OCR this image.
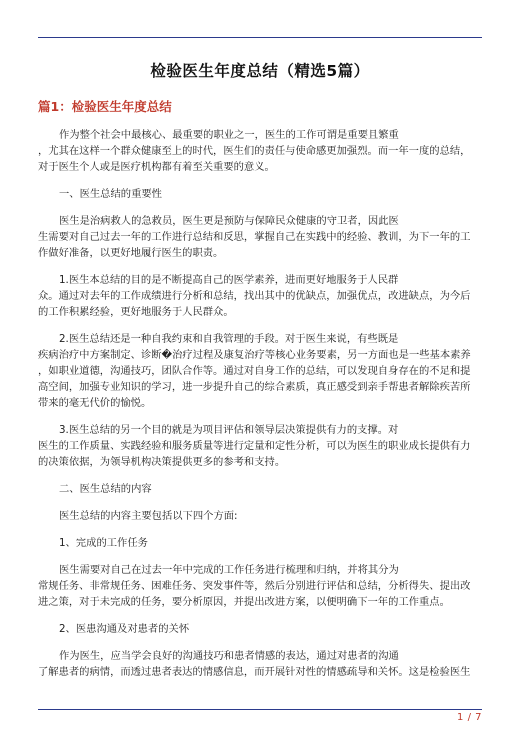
检验医生年度总结（精选5篇）
篇1：检验医生年度总结
作为整个社会中最核心、最重要的职业之一，医生的工作可谓是重要且繁重
，尤其在这样一个群众健康至上的时代，医生们的责任与使命感更加强烈。而一年一度的总结，
对于医生个人或是医疗机构都有着至关重要的意义。
一、医生总结的重要性
医生是治病救人的急救员，医生更是预防与保障民众健康的守卫者，因此医
生需要对自己过去一年的工作进行总结和反思，掌握自己在实践中的经验、教训，为下一年的工
作做好准备，以更好地履行医生的职责。
1.医生本总结的目的是不断提高自己的医学素养，进而更好地服务于人民群
众。通过对去年的工作成绩进行分析和总结，找出其中的优缺点，加强优点，改进缺点，为今后
的工作积累经验，更好地服务于人民群众。
2.医生总结还是一种自我约束和自我管理的手段。对于医生来说，有些既是
疾病治疗中方案制定、诊断�治疗过程及康复治疗等核心业务要素，另一方面也是一些基本素养
，如职业道德，沟通技巧，团队合作等。通过对自身工作的总结，可以发现自身存在的不足和提
高空间，加强专业知识的学习，进一步提升自己的综合素质，真正感受到亲手帮患者解除疾苦所
带来的毫无代价的愉悦。
3.医生总结的另一个目的就是为项目评估和领导层决策提供有力的支撑。对
医生的工作质量、实践经验和服务质量等进行定量和定性分析，可以为医生的职业成长提供有力
的决策依据，为领导机构决策提供更多的参考和支持。
二、医生总结的内容
医生总结的内容主要包括以下四个方面:
1、完成的工作任务
医生需要对自己在过去一年中完成的工作任务进行梳理和归纳，并将其分为
常规任务、非常规任务、困难任务、突发事件等，然后分别进行评估和总结，分析得失、提出改
进之策，对于未完成的任务，要分析原因，并提出改进方案，以便明确下一年的工作重点。
2、医患沟通及对患者的关怀
作为医生，应当学会良好的沟通技巧和患者情感的表达，通过对患者的沟通
了解患者的病情，而透过患者表达的情感信息，而开展针对性的情感疏导和关怀。这是检验医生
1 / 7
